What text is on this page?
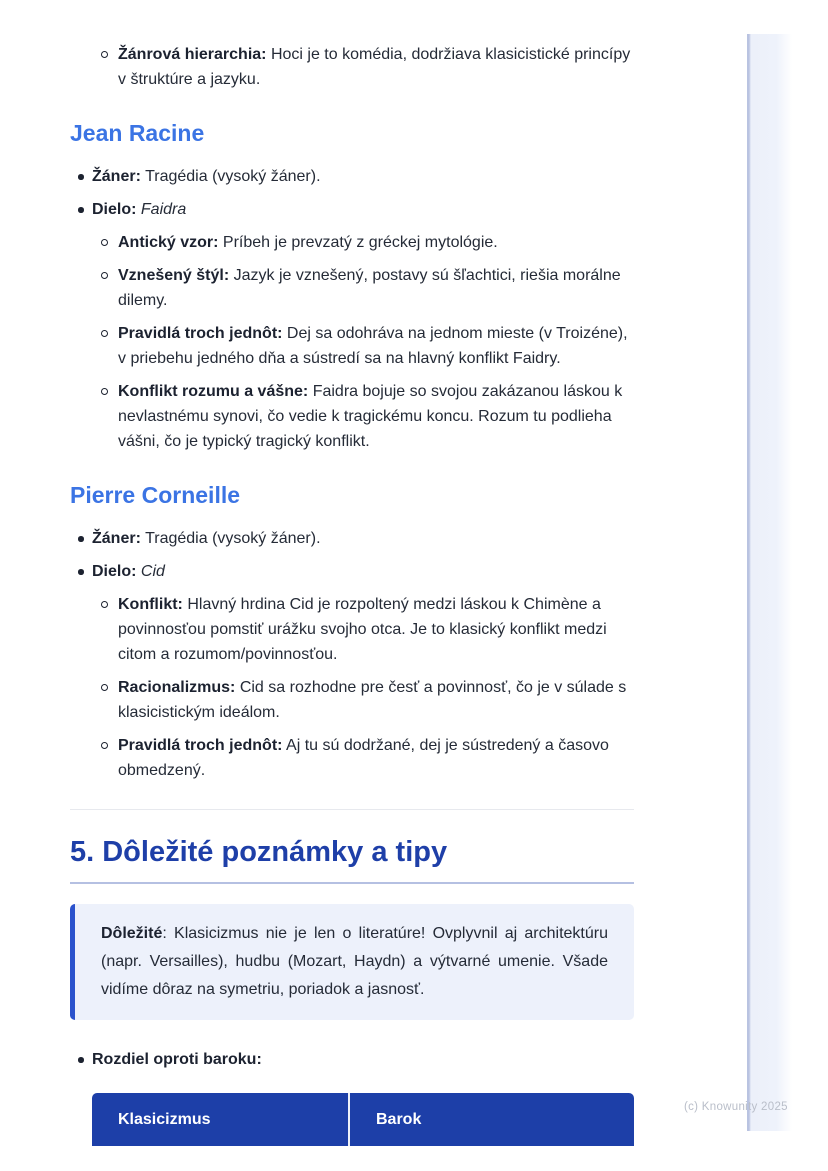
Žánrová hierarchia: Hoci je to komédia, dodržiava klasicistické princípy v štruktúre a jazyku.

Jean Racine

Žáner: Tragédia (vysoký žáner).

Dielo: Faidra

Antický vzor: Príbeh je prevzatý z gréckej mytológie.

Vznešený štýl: Jazyk je vznešený, postavy sú šľachtici, riešia morálne dilemy.

Pravidlá troch jednôt: Dej sa odohráva na jednom mieste (v Troizéne), v priebehu jedného dňa a sústredí sa na hlavný konflikt Faidry.

Konflikt rozumu a vášne: Faidra bojuje so svojou zakázanou láskou k nevlastnému synovi, čo vedie k tragickému koncu. Rozum tu podlieha vášni, čo je typický tragický konflikt.

Pierre Corneille

Žáner: Tragédia (vysoký žáner).

Dielo: Cid

Konflikt: Hlavný hrdina Cid je rozpoltený medzi láskou k Chimène a povinnosťou pomstiť urážku svojho otca. Je to klasický konflikt medzi citom a rozumom/povinnosťou.

Racionalizmus: Cid sa rozhodne pre česť a povinnosť, čo je v súlade s klasicistickým ideálom.

Pravidlá troch jednôt: Aj tu sú dodržané, dej je sústredený a časovo obmedzený.

5. Dôležité poznámky a tipy

Dôležité: Klasicizmus nie je len o literatúre! Ovplyvnil aj architektúru (napr. Versailles), hudbu (Mozart, Haydn) a výtvarné umenie. Všade vidíme dôraz na symetriu, poriadok a jasnosť.

Rozdiel oproti baroku:

Klasicizmus	Barok
(c) Knowunity 2025
